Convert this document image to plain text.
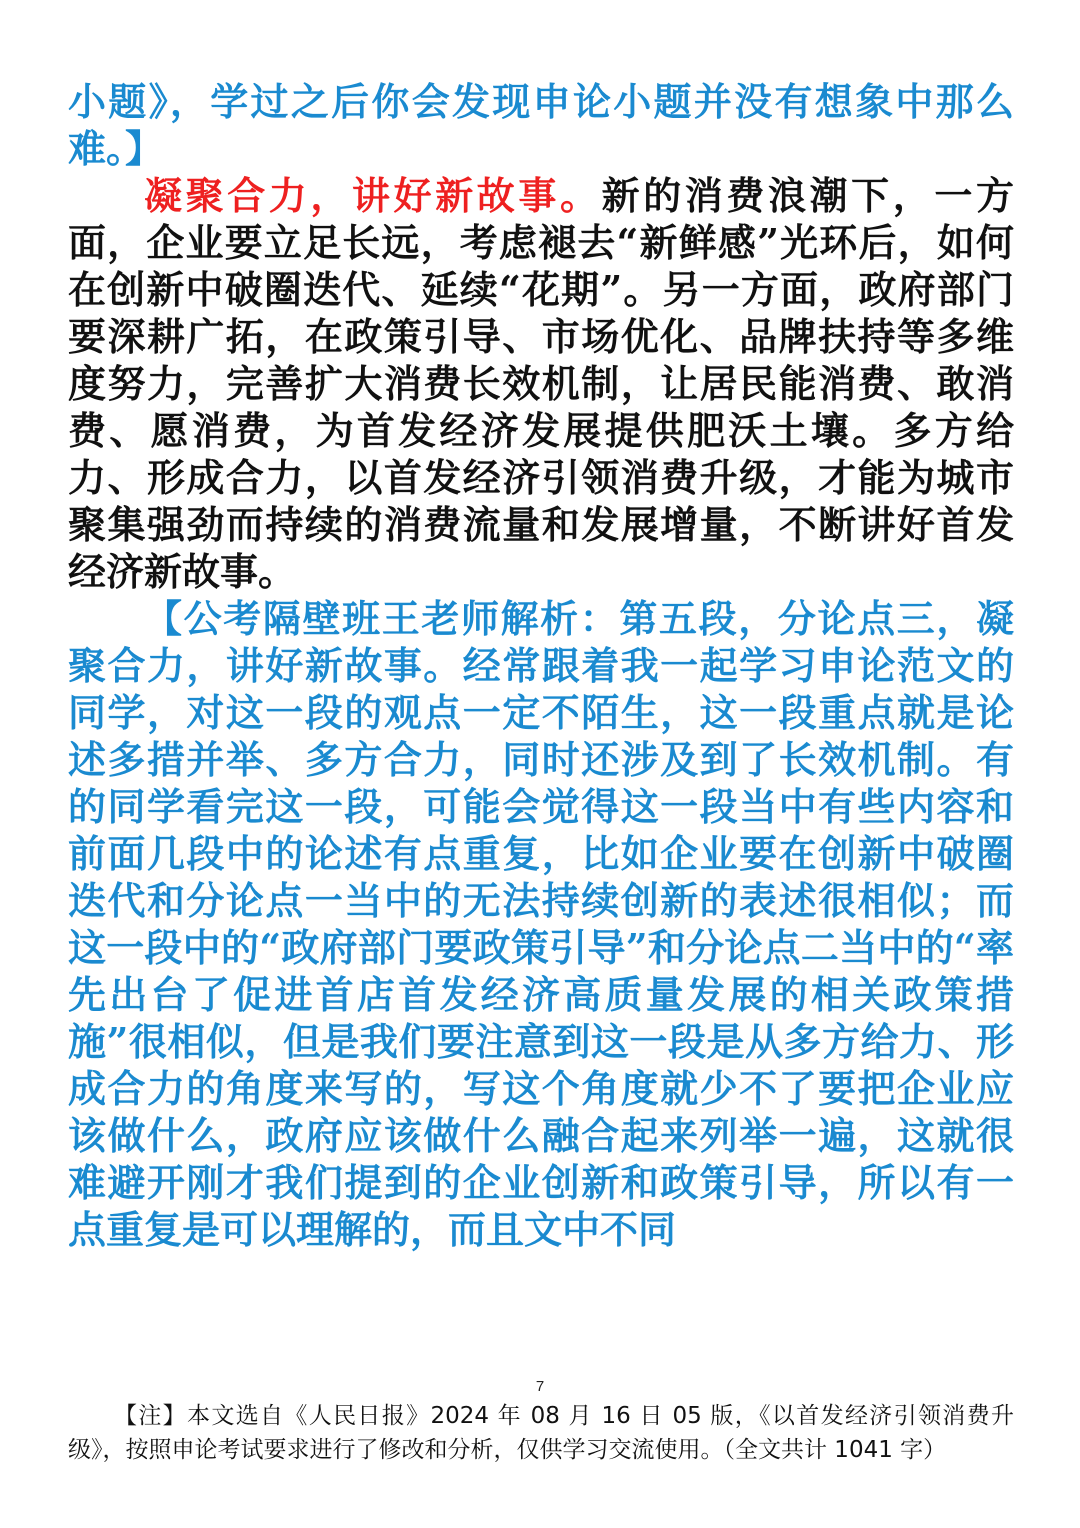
小题》，学过之后你会发现申论小题并没有想象中那么难。】

凝聚合力，讲好新故事。新的消费浪潮下，一方面，企业要立足长远，考虑褪去“新鲜感”光环后，如何在创新中破圈迭代、延续“花期”。另一方面，政府部门要深耕广拓，在政策引导、市场优化、品牌扶持等多维度努力，完善扩大消费长效机制，让居民能消费、敢消费、愿消费，为首发经济发展提供肥沃土壤。多方给力、形成合力，以首发经济引领消费升级，才能为城市聚集强劲而持续的消费流量和发展增量，不断讲好首发经济新故事。

【公考隔壁班王老师解析：第五段，分论点三，凝聚合力，讲好新故事。经常跟着我一起学习申论范文的同学，对这一段的观点一定不陌生，这一段重点就是论述多措并举、多方合力，同时还涉及到了长效机制。有的同学看完这一段，可能会觉得这一段当中有些内容和前面几段中的论述有点重复，比如企业要在创新中破圈迭代和分论点一当中的无法持续创新的表述很相似；而这一段中的“政府部门要政策引导”和分论点二当中的“率先出台了促进首店首发经济高质量发展的相关政策措施”很相似，但是我们要注意到这一段是从多方给力、形成合力的角度来写的，写这个角度就少不了要把企业应该做什么，政府应该做什么融合起来列举一遍，这就很难避开刚才我们提到的企业创新和政策引导，所以有一点重复是可以理解的，而且文中不同

7

【注】本文选自《人民日报》2024 年 08 月 16 日 05 版，《以首发经济引领消费升级》，按照申论考试要求进行了修改和分析，仅供学习交流使用。（全文共计 1041 字）
